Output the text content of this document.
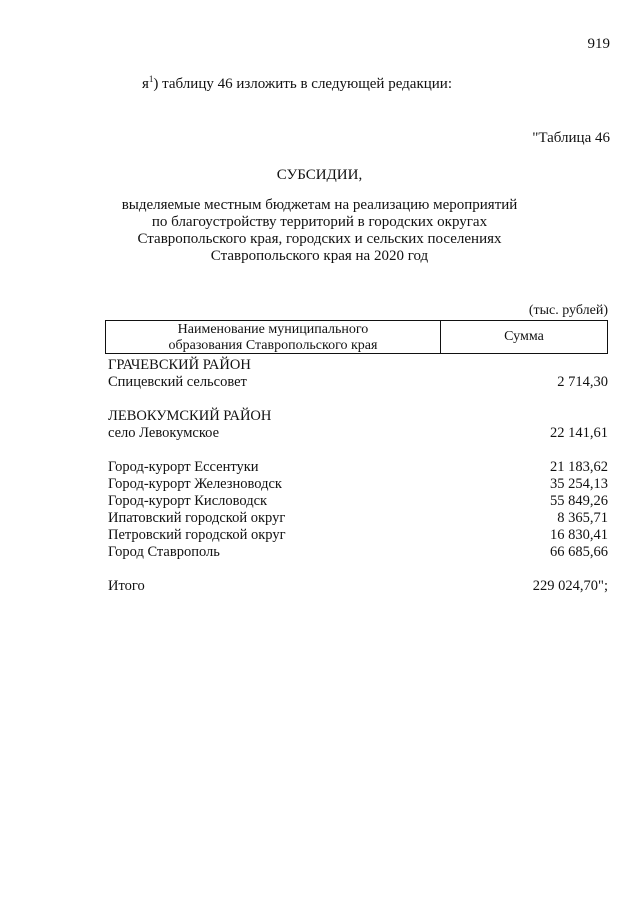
919
$я^1$) таблицу 46 изложить в следующей редакции:
"Таблица 46
СУБСИДИИ,
выделяемые местным бюджетам на реализацию мероприятий
по благоустройству территорий в городских округах
Ставропольского края, городских и сельских поселениях
Ставропольского края на 2020 год
(тыс. рублей)
Наименование муниципального
образования Ставропольского края
Сумма
ГРАЧЕВСКИЙ РАЙОН
Спицевский сельсовет	2 714,30
ЛЕВОКУМСКИЙ РАЙОН
село Левокумское	22 141,61
Город-курорт Ессентуки	21 183,62
Город-курорт Железноводск	35 254,13
Город-курорт Кисловодск	55 849,26
Ипатовский городской округ	8 365,71
Петровский городской округ	16 830,41
Город Ставрополь	66 685,66
Итого	229 024,70";
